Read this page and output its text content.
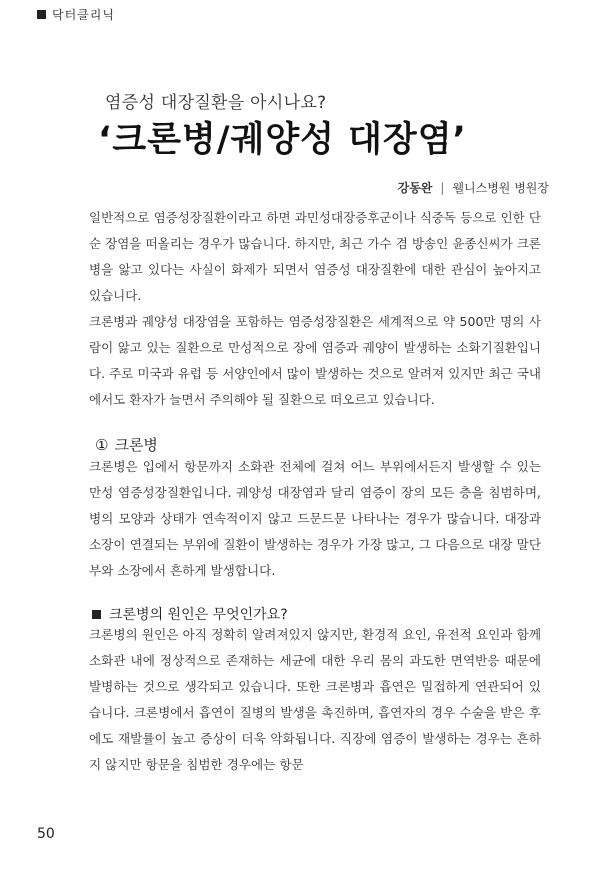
닥터클리닉
염증성 대장질환을 아시나요?
‘크론병/궤양성 대장염’
강동완 | 웰니스병원 병원장

일반적으로 염증성장질환이라고 하면 과민성대장증후군이나 식중독 등으로 인한 단순 장염을 떠올리는 경우가 많습니다. 하지만, 최근 가수 겸 방송인 윤종신씨가 크론병을 앓고 있다는 사실이 화제가 되면서 염증성 대장질환에 대한 관심이 높아지고 있습니다.

크론병과 궤양성 대장염을 포함하는 염증성장질환은 세계적으로 약 500만 명의 사람이 앓고 있는 질환으로 만성적으로 장에 염증과 궤양이 발생하는 소화기질환입니다. 주로 미국과 유럽 등 서양인에서 많이 발생하는 것으로 알려져 있지만 최근 국내에서도 환자가 늘면서 주의해야 될 질환으로 떠오르고 있습니다.

① 크론병

크론병은 입에서 항문까지 소화관 전체에 걸쳐 어느 부위에서든지 발생할 수 있는 만성 염증성장질환입니다. 궤양성 대장염과 달리 염증이 장의 모든 층을 침범하며, 병의 모양과 상태가 연속적이지 않고 드문드문 나타나는 경우가 많습니다. 대장과 소장이 연결되는 부위에 질환이 발생하는 경우가 가장 많고, 그 다음으로 대장 말단부와 소장에서 흔하게 발생합니다.

크론병의 원인은 무엇인가요?

크론병의 원인은 아직 정확히 알려져있지 않지만, 환경적 요인, 유전적 요인과 함께 소화관 내에 정상적으로 존재하는 세균에 대한 우리 몸의 과도한 면역반응 때문에 발병하는 것으로 생각되고 있습니다. 또한 크론병과 흡연은 밀접하게 연관되어 있습니다. 크론병에서 흡연이 질병의 발생을 촉진하며, 흡연자의 경우 수술을 받은 후에도 재발률이 높고 증상이 더욱 악화됩니다. 직장에 염증이 발생하는 경우는 흔하지 않지만 항문을 침범한 경우에는 항문

50
